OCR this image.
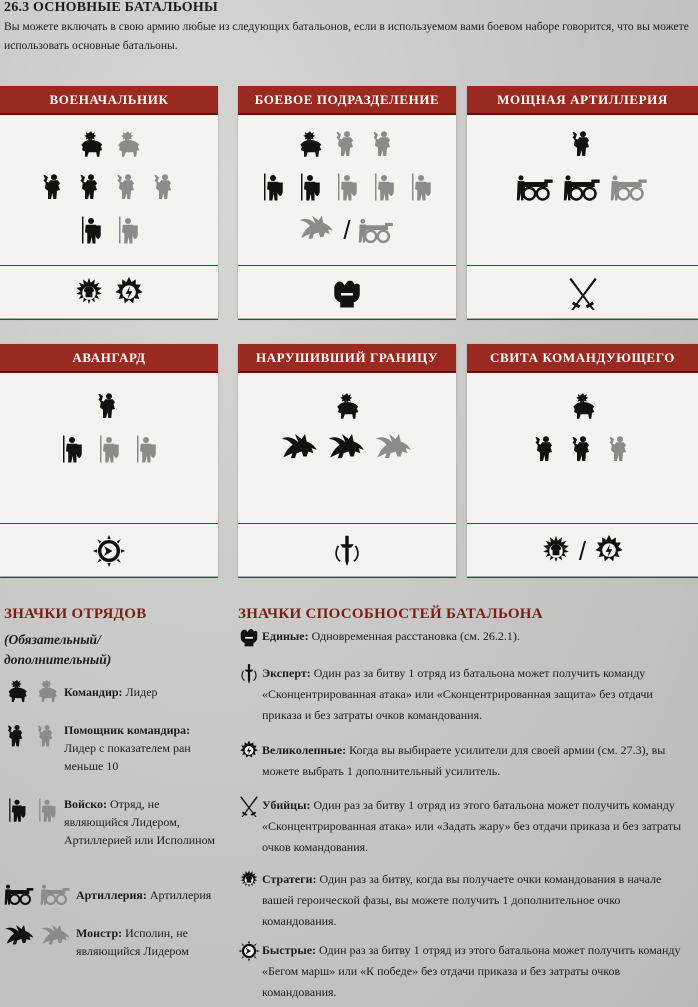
26.3 ОСНОВНЫЕ БАТАЛЬОНЫ
Вы можете включать в свою армию любые из следующих батальонов, если в используемом вами боевом наборе говорится, что вы можете использовать основные батальоны.
ВОЕНАЧАЛЬНИК	БОЕВОЕ ПОДРАЗДЕЛЕНИЕ
/
МОЩНАЯ АРТИЛЛЕРИЯ
АВАНГАРД	НАРУШИВШИЙ ГРАНИЦУ	СВИТА КОМАНДУЮЩЕГО
/
ЗНАЧКИ ОТРЯДОВ
(Обязательный/ дополнительный)
Командир: Лидер
Помощник командира:
Лидер с показателем ран меньше 10
Войско: Отряд, не являющийся Лидером, Артиллерией или Исполином
Артиллерия: Артиллерия
Монстр: Исполин, не являющийся Лидером
ЗНАЧКИ СПОСОБНОСТЕЙ БАТАЛЬОНА
Единые: Одновременная расстановка (см. 26.2.1).
Эксперт: Один раз за битву 1 отряд из батальона может получить команду «Сконцентрированная атака» или «Сконцентрированная защита» без отдачи приказа и без затраты очков командования.
Великолепные: Когда вы выбираете усилители для своей армии (см. 27.3), вы можете выбрать 1 дополнительный усилитель.
Убийцы: Один раз за битву 1 отряд из этого батальона может получить команду «Сконцентрированная атака» или «Задать жару» без отдачи приказа и без затраты очков командования.
Стратеги: Один раз за битву, когда вы получаете очки командования в начале вашей героической фазы, вы можете получить 1 дополнительное очко командования.
Быстрые: Один раз за битву 1 отряд из этого батальона может получить команду «Бегом марш» или «К победе» без отдачи приказа и без затраты очков командования.
